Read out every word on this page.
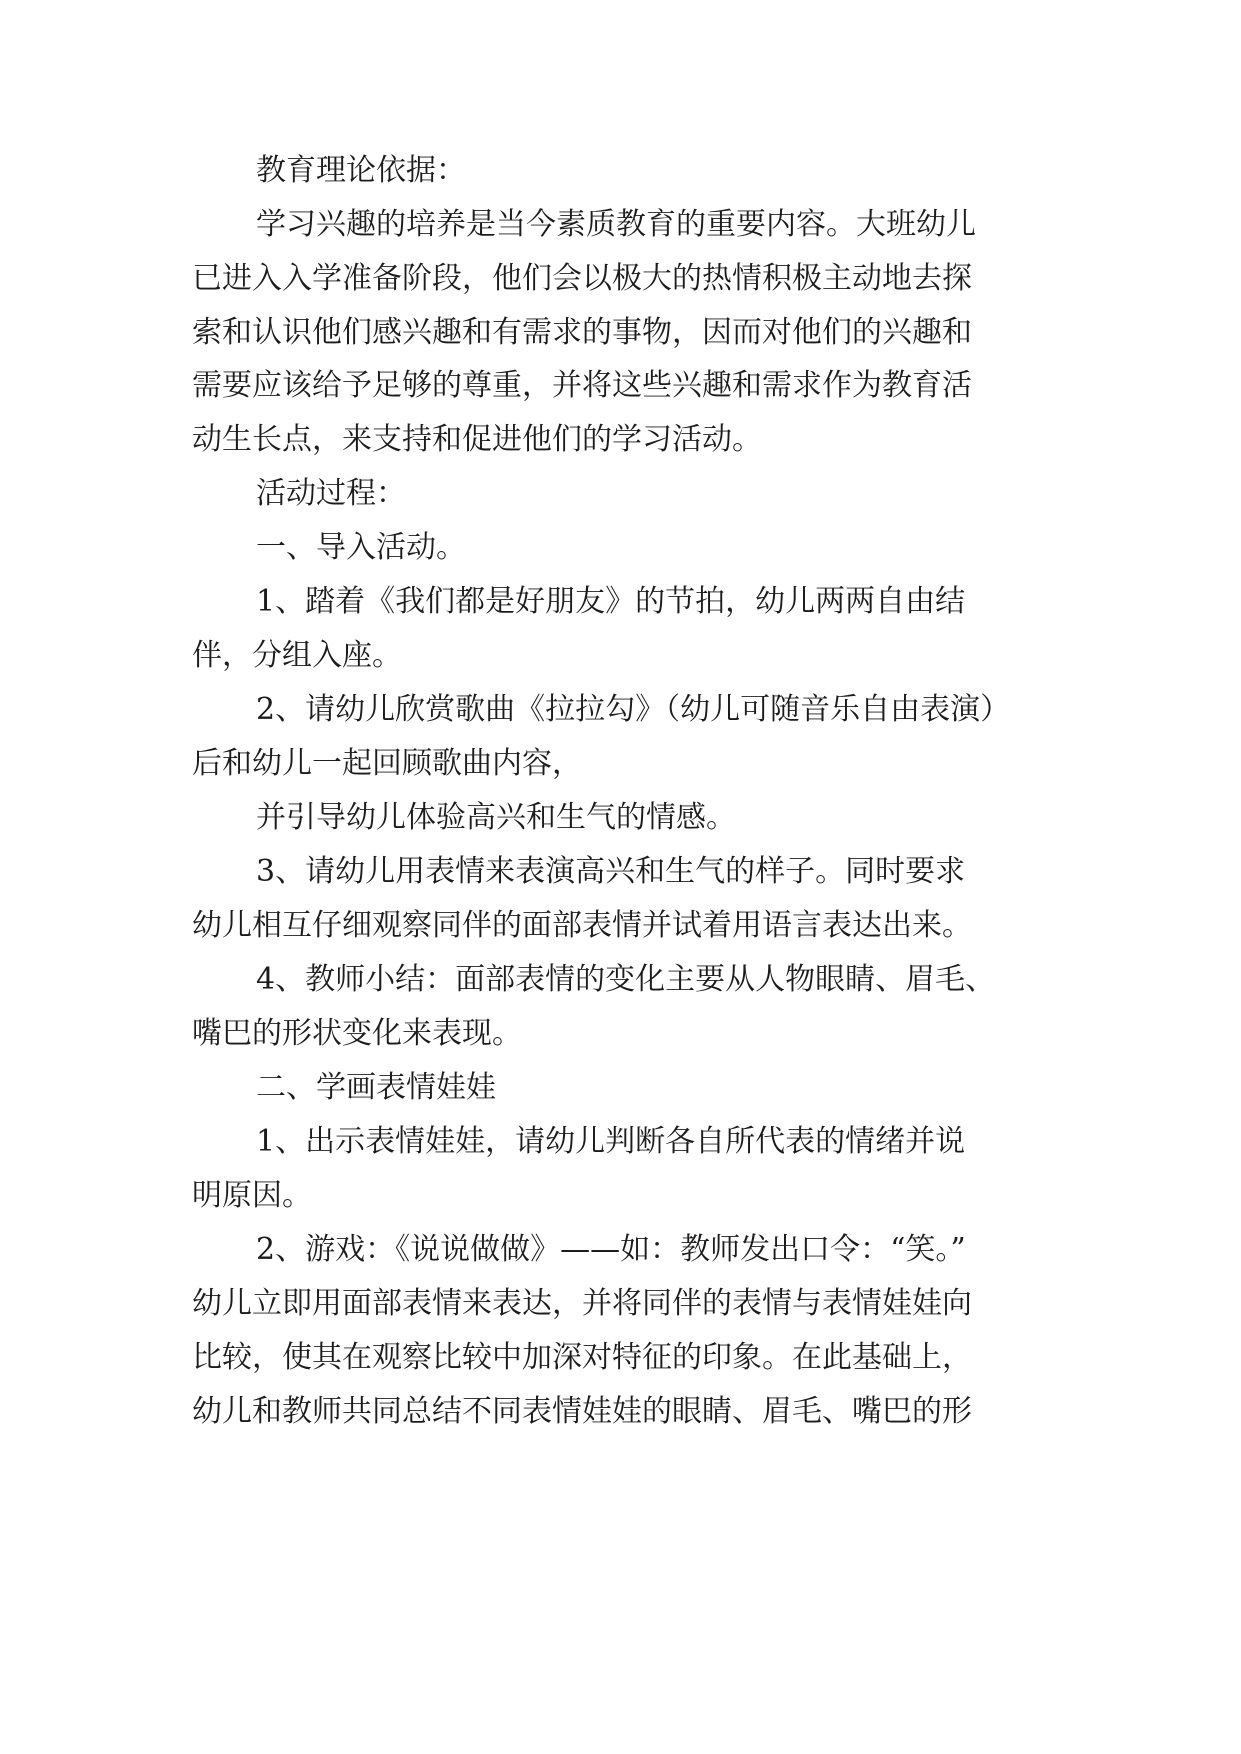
教育理论依据：

学习兴趣的培养是当今素质教育的重要内容。大班幼儿

已进入入学准备阶段，他们会以极大的热情积极主动地去探

索和认识他们感兴趣和有需求的事物，因而对他们的兴趣和

需要应该给予足够的尊重，并将这些兴趣和需求作为教育活

动生长点，来支持和促进他们的学习活动。

活动过程：

一、导入活动。

1、踏着《我们都是好朋友》的节拍，幼儿两两自由结

伴，分组入座。

2、请幼儿欣赏歌曲《拉拉勾》（幼儿可随音乐自由表演）

后和幼儿一起回顾歌曲内容，

并引导幼儿体验高兴和生气的情感。

3、请幼儿用表情来表演高兴和生气的样子。同时要求

幼儿相互仔细观察同伴的面部表情并试着用语言表达出来。

4、教师小结：面部表情的变化主要从人物眼睛、眉毛、

嘴巴的形状变化来表现。

二、学画表情娃娃

1、出示表情娃娃，请幼儿判断各自所代表的情绪并说

明原因。

2、游戏：《说说做做》——如：教师发出口令：“笑。”

幼儿立即用面部表情来表达，并将同伴的表情与表情娃娃向

比较，使其在观察比较中加深对特征的印象。在此基础上，

幼儿和教师共同总结不同表情娃娃的眼睛、眉毛、嘴巴的形
